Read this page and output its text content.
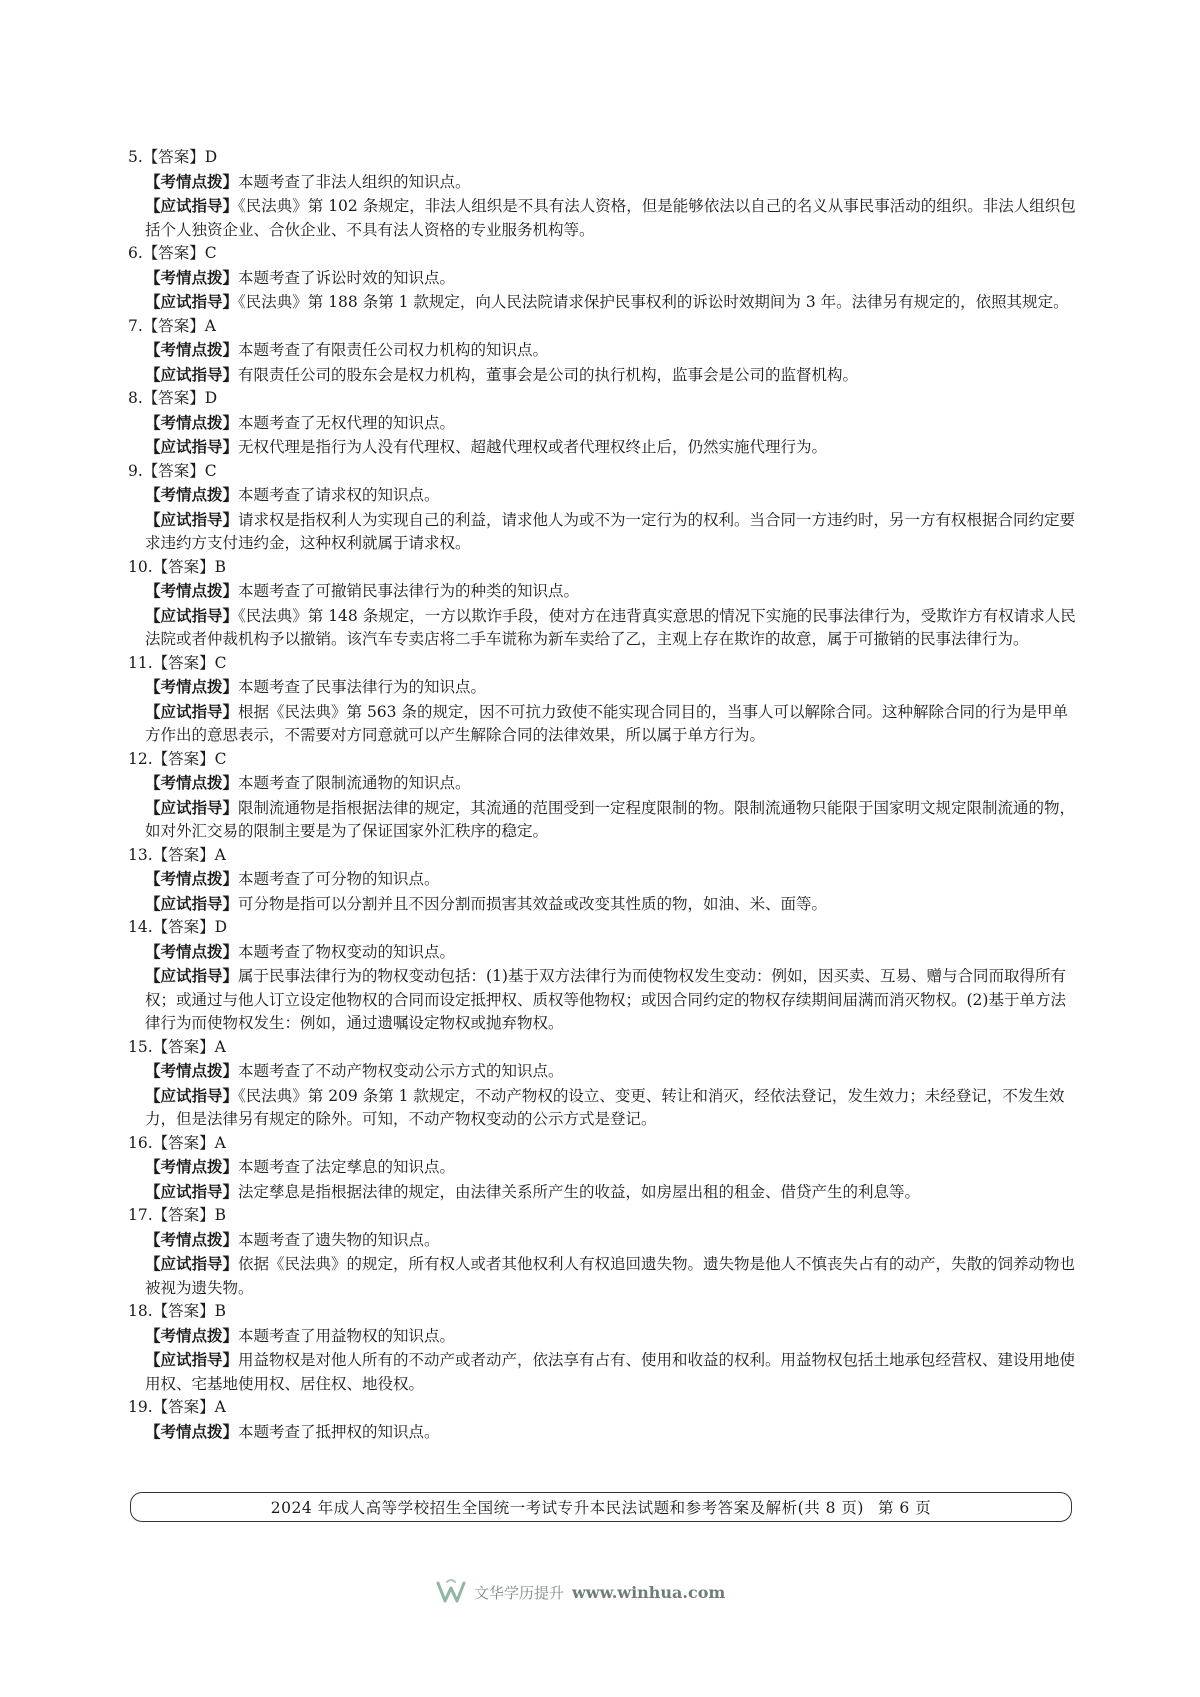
5.【答案】D
【考情点拨】本题考查了非法人组织的知识点。
【应试指导】《民法典》第 102 条规定，非法人组织是不具有法人资格，但是能够依法以自己的名义从事民事活动的组织。非法人组织包括个人独资企业、合伙企业、不具有法人资格的专业服务机构等。
6.【答案】C
【考情点拨】本题考查了诉讼时效的知识点。
【应试指导】《民法典》第 188 条第 1 款规定，向人民法院请求保护民事权利的诉讼时效期间为 3 年。法律另有规定的，依照其规定。
7.【答案】A
【考情点拨】本题考查了有限责任公司权力机构的知识点。
【应试指导】有限责任公司的股东会是权力机构，董事会是公司的执行机构，监事会是公司的监督机构。
8.【答案】D
【考情点拨】本题考查了无权代理的知识点。
【应试指导】无权代理是指行为人没有代理权、超越代理权或者代理权终止后，仍然实施代理行为。
9.【答案】C
【考情点拨】本题考查了请求权的知识点。
【应试指导】请求权是指权利人为实现自己的利益，请求他人为或不为一定行为的权利。当合同一方违约时，另一方有权根据合同约定要求违约方支付违约金，这种权利就属于请求权。
10.【答案】B
【考情点拨】本题考查了可撤销民事法律行为的种类的知识点。
【应试指导】《民法典》第 148 条规定，一方以欺诈手段，使对方在违背真实意思的情况下实施的民事法律行为，受欺诈方有权请求人民法院或者仲裁机构予以撤销。该汽车专卖店将二手车谎称为新车卖给了乙，主观上存在欺诈的故意，属于可撤销的民事法律行为。
11.【答案】C
【考情点拨】本题考查了民事法律行为的知识点。
【应试指导】根据《民法典》第 563 条的规定，因不可抗力致使不能实现合同目的，当事人可以解除合同。这种解除合同的行为是甲单方作出的意思表示，不需要对方同意就可以产生解除合同的法律效果，所以属于单方行为。
12.【答案】C
【考情点拨】本题考查了限制流通物的知识点。
【应试指导】限制流通物是指根据法律的规定，其流通的范围受到一定程度限制的物。限制流通物只能限于国家明文规定限制流通的物，如对外汇交易的限制主要是为了保证国家外汇秩序的稳定。
13.【答案】A
【考情点拨】本题考查了可分物的知识点。
【应试指导】可分物是指可以分割并且不因分割而损害其效益或改变其性质的物，如油、米、面等。
14.【答案】D
【考情点拨】本题考查了物权变动的知识点。
【应试指导】属于民事法律行为的物权变动包括：(1)基于双方法律行为而使物权发生变动：例如，因买卖、互易、赠与合同而取得所有权；或通过与他人订立设定他物权的合同而设定抵押权、质权等他物权；或因合同约定的物权存续期间届满而消灭物权。(2)基于单方法律行为而使物权发生：例如，通过遗嘱设定物权或抛弃物权。
15.【答案】A
【考情点拨】本题考查了不动产物权变动公示方式的知识点。
【应试指导】《民法典》第 209 条第 1 款规定，不动产物权的设立、变更、转让和消灭，经依法登记，发生效力；未经登记，不发生效力，但是法律另有规定的除外。可知，不动产物权变动的公示方式是登记。
16.【答案】A
【考情点拨】本题考查了法定孳息的知识点。
【应试指导】法定孳息是指根据法律的规定，由法律关系所产生的收益，如房屋出租的租金、借贷产生的利息等。
17.【答案】B
【考情点拨】本题考查了遗失物的知识点。
【应试指导】依据《民法典》的规定，所有权人或者其他权利人有权追回遗失物。遗失物是他人不慎丧失占有的动产，失散的饲养动物也被视为遗失物。
18.【答案】B
【考情点拨】本题考查了用益物权的知识点。
【应试指导】用益物权是对他人所有的不动产或者动产，依法享有占有、使用和收益的权利。用益物权包括土地承包经营权、建设用地使用权、宅基地使用权、居住权、地役权。
19.【答案】A
【考情点拨】本题考查了抵押权的知识点。
2024 年成人高等学校招生全国统一考试专升本民法试题和参考答案及解析(共 8 页) 第 6 页
文华学历提升 www.winhua.com
